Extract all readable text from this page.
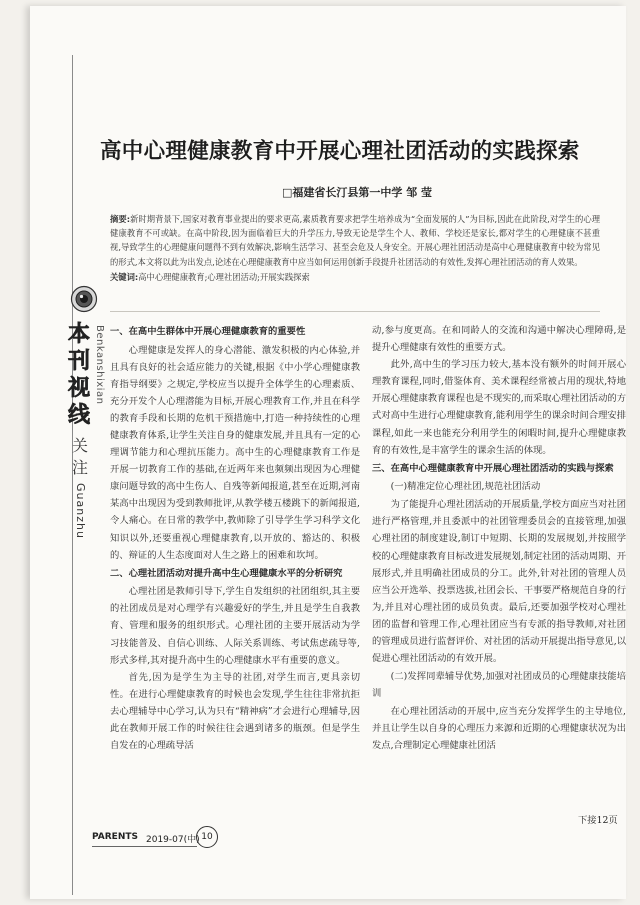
本刊视线
Benkanshixian
关注
Guanzhu
高中心理健康教育中开展心理社团活动的实践探索
□福建省长汀县第一中学 邹 莹
摘要:新时期背景下,国家对教育事业提出的要求更高,素质教育要求把学生培养成为“全面发展的人”为目标,因此在此阶段,对学生的心理健康教育不可或缺。在高中阶段,因为面临着巨大的升学压力,导致无论是学生个人、教师、学校还是家长,都对学生的心理健康不甚重视,导致学生的心理健康问题得不到有效解决,影响生活学习、甚至会危及人身安全。开展心理社团活动是高中心理健康教育中较为常见的形式,本文将以此为出发点,论述在心理健康教育中应当如何运用创新手段提升社团活动的有效性,发挥心理社团活动的育人效果。
关键词:高中心理健康教育;心理社团活动;开展实践探索
一、在高中生群体中开展心理健康教育的重要性

心理健康是发挥人的身心潜能、激发积极的内心体验,并且具有良好的社会适应能力的关键,根据《中小学心理健康教育指导纲要》之规定,学校应当以提升全体学生的心理素质、充分开发个人心理潜能为目标,开展心理教育工作,并且在科学的教育手段和长期的危机干预措施中,打造一种持续性的心理健康教育体系,让学生关注自身的健康发展,并且具有一定的心理调节能力和心理抗压能力。高中生的心理健康教育工作是开展一切教育工作的基础,在近两年来也频频出现因为心理健康问题导致的高中生伤人、自残等新闻报道,甚至在近期,河南某高中出现因为受到教师批评,从教学楼五楼跳下的新闻报道,令人痛心。在日常的教学中,教师除了引导学生学习科学文化知识以外,还要重视心理健康教育,以开放的、豁达的、积极的、辩证的人生态度面对人生之路上的困难和坎坷。

二、心理社团活动对提升高中生心理健康水平的分析研究

心理社团是教师引导下,学生自发组织的社团组织,其主要的社团成员是对心理学有兴趣爱好的学生,并且是学生自我教育、管理和服务的组织形式。心理社团的主要开展活动为学习技能普及、自信心训练、人际关系训练、考试焦虑疏导等,形式多样,其对提升高中生的心理健康水平有重要的意义。

首先,因为是学生为主导的社团,对学生而言,更具亲切性。在进行心理健康教育的时候也会发现,学生往往非常抗拒去心理辅导中心学习,认为只有“精神病”才会进行心理辅导,因此在教师开展工作的时候往往会遇到诸多的瓶颈。但是学生自发在的心理疏导活

动,参与度更高。在和同龄人的交流和沟通中解决心理障碍,是提升心理健康有效性的重要方式。

此外,高中生的学习压力较大,基本没有额外的时间开展心理教育课程,同时,借鉴体育、美术课程经常被占用的现状,特地开展心理健康教育课程也是不现实的,而采取心理社团活动的方式对高中生进行心理健康教育,能利用学生的课余时间合理安排课程,如此一来也能充分利用学生的闲暇时间,提升心理健康教育的有效性,是丰富学生的课余生活的体现。

三、在高中心理健康教育中开展心理社团活动的实践与探索
(一)精准定位心理社团,规范社团活动

为了能提升心理社团活动的开展质量,学校方面应当对社团进行严格管理,并且委派中的社团管理委员会的直接管理,加强心理社团的制度建设,制订中短期、长期的发展规划,并按照学校的心理健康教育目标改进发展规划,制定社团的活动周期、开展形式,并且明确社团成员的分工。此外,针对社团的管理人员应当公开选举、投票选拔,社团会长、干事要严格规范自身的行为,并且对心理社团的成员负责。最后,还要加强学校对心理社团的监督和管理工作,心理社团应当有专派的指导教师,对社团的管理成员进行监督评价、对社团的活动开展提出指导意见,以促进心理社团活动的有效开展。

(二)发挥同辈辅导优势,加强对社团成员的心理健康技能培训

在心理社团活动的开展中,应当充分发挥学生的主导地位,并且让学生以自身的心理压力来源和近期的心理健康状况为出发点,合理制定心理健康社团活

下接12页
PARENTS 2019-07(中) 10
